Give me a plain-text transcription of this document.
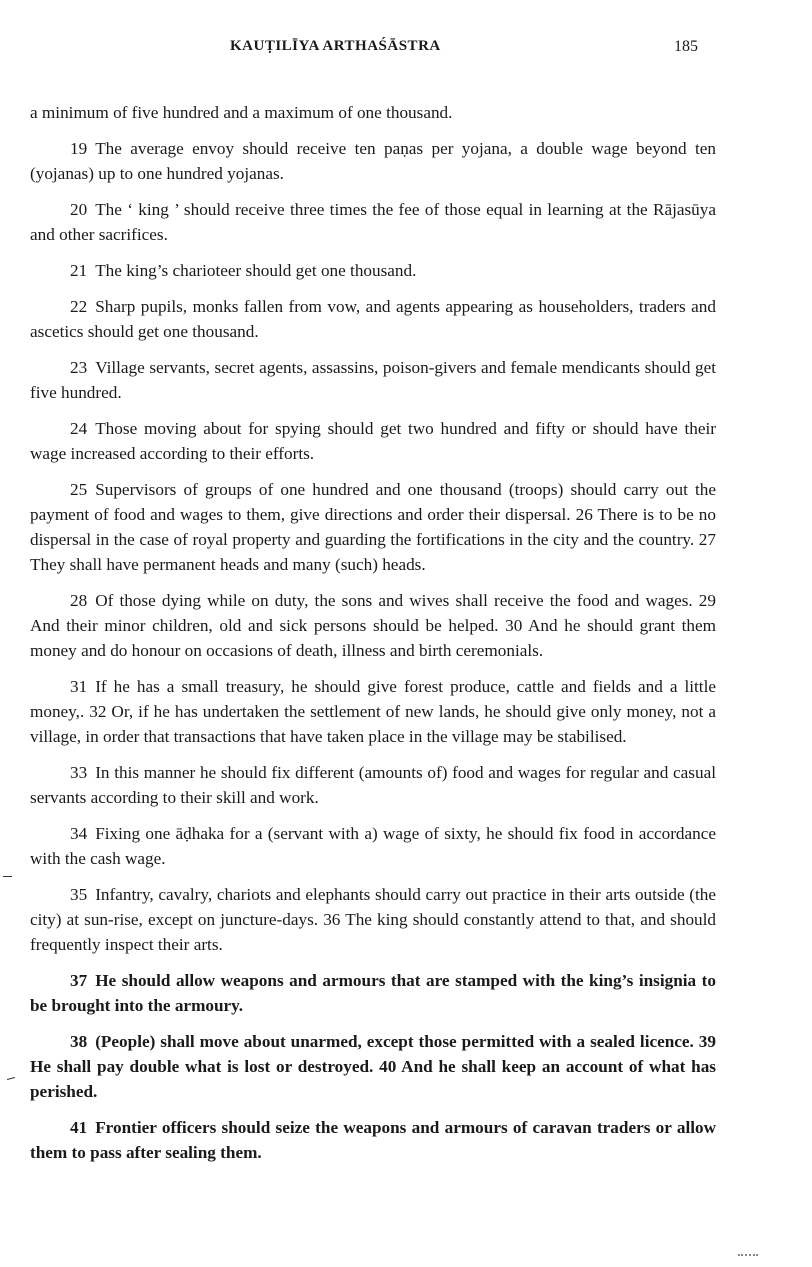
KAUṬILĪYA ARTHAŚĀSTRA	185

a minimum of five hundred and a maximum of one thousand.

19 The average envoy should receive ten paṇas per yojana, a double wage beyond ten (yojanas) up to one hundred yojanas.

20 The ‘ king ’ should receive three times the fee of those equal in learning at the Rājasūya and other sacrifices.

21 The king’s charioteer should get one thousand.

22 Sharp pupils, monks fallen from vow, and agents appearing as householders, traders and ascetics should get one thousand.

23 Village servants, secret agents, assassins, poison-givers and female mendicants should get five hundred.

24 Those moving about for spying should get two hundred and fifty or should have their wage increased according to their efforts.

25 Supervisors of groups of one hundred and one thousand (troops) should carry out the payment of food and wages to them, give directions and order their dispersal. 26 There is to be no dispersal in the case of royal property and guarding the fortifications in the city and the country. 27 They shall have permanent heads and many (such) heads.

28 Of those dying while on duty, the sons and wives shall receive the food and wages. 29 And their minor children, old and sick persons should be helped. 30 And he should grant them money and do honour on occasions of death, illness and birth ceremonials.

31 If he has a small treasury, he should give forest produce, cattle and fields and a little money,. 32 Or, if he has undertaken the settlement of new lands, he should give only money, not a village, in order that transactions that have taken place in the village may be stabilised.

33 In this manner he should fix different (amounts of) food and wages for regular and casual servants according to their skill and work.

34 Fixing one āḍhaka for a (servant with a) wage of sixty, he should fix food in accordance with the cash wage.

35 Infantry, cavalry, chariots and elephants should carry out practice in their arts outside (the city) at sun-rise, except on juncture-days. 36 The king should constantly attend to that, and should frequently inspect their arts.

37 He should allow weapons and armours that are stamped with the king’s insignia to be brought into the armoury.

38 (People) shall move about unarmed, except those permitted with a sealed licence. 39 He shall pay double what is lost or destroyed. 40 And he shall keep an account of what has perished.

41 Frontier officers should seize the weapons and armours of caravan traders or allow them to pass after sealing them.
